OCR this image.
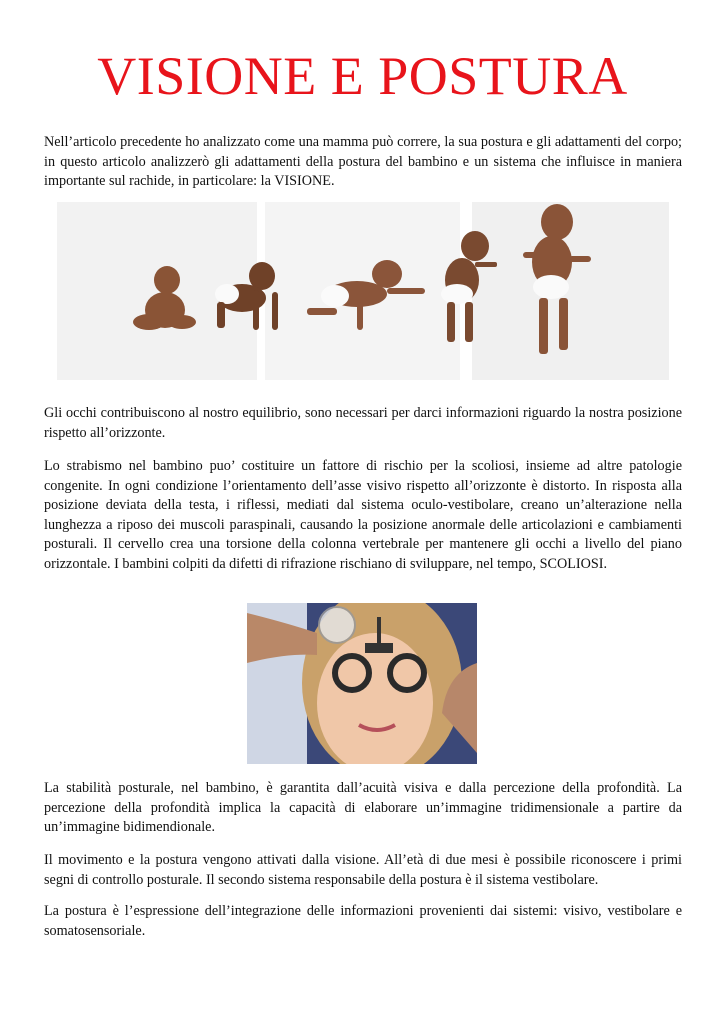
VISIONE E POSTURA

Nell’articolo precedente ho analizzato come una mamma può correre, la sua postura e gli adattamenti del corpo; in questo articolo analizzerò gli adattamenti della postura del bambino e un sistema che influisce in maniera importante sul rachide, in particolare: la VISIONE.

Gli occhi contribuiscono al nostro equilibrio, sono necessari per darci informazioni riguardo la nostra posizione rispetto all’orizzonte.

Lo strabismo nel bambino puo’ costituire un fattore di rischio per la scoliosi, insieme ad altre patologie congenite. In ogni condizione l’orientamento dell’asse visivo rispetto all’orizzonte è distorto. In risposta alla posizione deviata della testa, i riflessi, mediati dal sistema oculo-vestibolare, creano un’alterazione nella lunghezza a riposo dei muscoli paraspinali, causando la posizione anormale delle articolazioni e cambiamenti posturali. Il cervello crea una torsione della colonna vertebrale per mantenere gli occhi a livello del piano orizzontale. I bambini colpiti da difetti di rifrazione rischiano di sviluppare, nel tempo, SCOLIOSI.

La stabilità posturale, nel bambino, è garantita dall’acuità visiva e dalla percezione della profondità. La percezione della profondità implica la capacità di elaborare un’immagine tridimensionale a partire da un’immagine bidimendionale.

Il movimento e la postura vengono attivati dalla visione. All’età di due mesi è possibile riconoscere i primi segni di controllo posturale. Il secondo sistema responsabile della postura è il sistema vestibolare.

La postura è l’espressione dell’integrazione delle informazioni provenienti dai sistemi: visivo, vestibolare e somatosensoriale.
